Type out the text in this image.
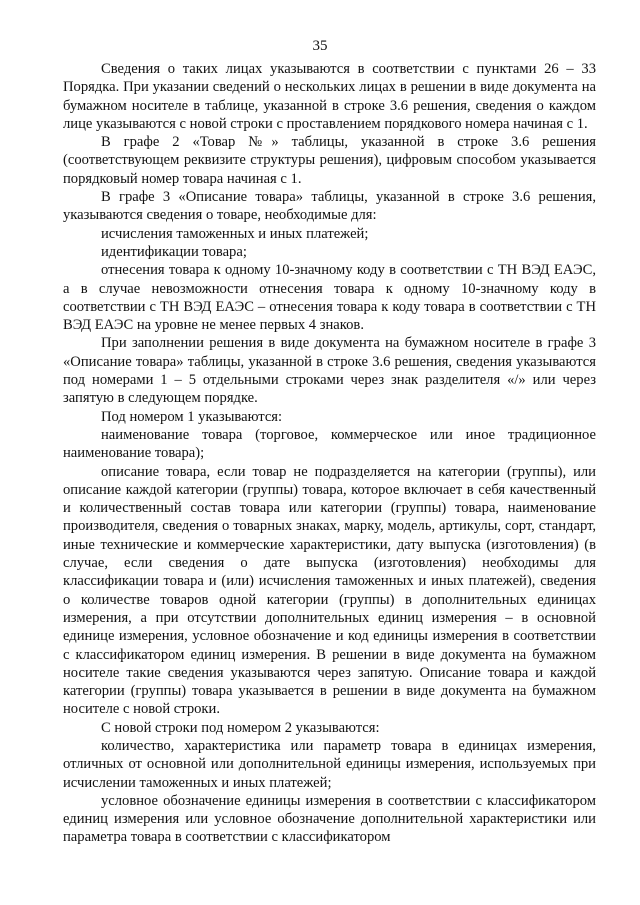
35

Сведения о таких лицах указываются в соответствии с пунктами 26 – 33 Порядка. При указании сведений о нескольких лицах в решении в виде документа на бумажном носителе в таблице, указанной в строке 3.6 решения, сведения о каждом лице указываются с новой строки с проставлением порядкового номера начиная с 1.

В графе 2 «Товар №» таблицы, указанной в строке 3.6 решения (соответствующем реквизите структуры решения), цифровым способом указывается порядковый номер товара начиная с 1.

В графе 3 «Описание товара» таблицы, указанной в строке 3.6 решения, указываются сведения о товаре, необходимые для:

исчисления таможенных и иных платежей;

идентификации товара;

отнесения товара к одному 10-значному коду в соответствии с ТН ВЭД ЕАЭС, а в случае невозможности отнесения товара к одному 10-значному коду в соответствии с ТН ВЭД ЕАЭС – отнесения товара к коду товара в соответствии с ТН ВЭД ЕАЭС на уровне не менее первых 4 знаков.

При заполнении решения в виде документа на бумажном носителе в графе 3 «Описание товара» таблицы, указанной в строке 3.6 решения, сведения указываются под номерами 1 – 5 отдельными строками через знак разделителя «/» или через запятую в следующем порядке.

Под номером 1 указываются:

наименование товара (торговое, коммерческое или иное традиционное наименование товара);

описание товара, если товар не подразделяется на категории (группы), или описание каждой категории (группы) товара, которое включает в себя качественный и количественный состав товара или категории (группы) товара, наименование производителя, сведения о товарных знаках, марку, модель, артикулы, сорт, стандарт, иные технические и коммерческие характеристики, дату выпуска (изготовления) (в случае, если сведения о дате выпуска (изготовления) необходимы для классификации товара и (или) исчисления таможенных и иных платежей), сведения о количестве товаров одной категории (группы) в дополнительных единицах измерения, а при отсутствии дополнительных единиц измерения – в основной единице измерения, условное обозначение и код единицы измерения в соответствии с классификатором единиц измерения. В решении в виде документа на бумажном носителе такие сведения указываются через запятую. Описание товара и каждой категории (группы) товара указывается в решении в виде документа на бумажном носителе с новой строки.

С новой строки под номером 2 указываются:

количество, характеристика или параметр товара в единицах измерения, отличных от основной или дополнительной единицы измерения, используемых при исчислении таможенных и иных платежей;

условное обозначение единицы измерения в соответствии с классификатором единиц измерения или условное обозначение дополнительной характеристики или параметра товара в соответствии с классификатором
